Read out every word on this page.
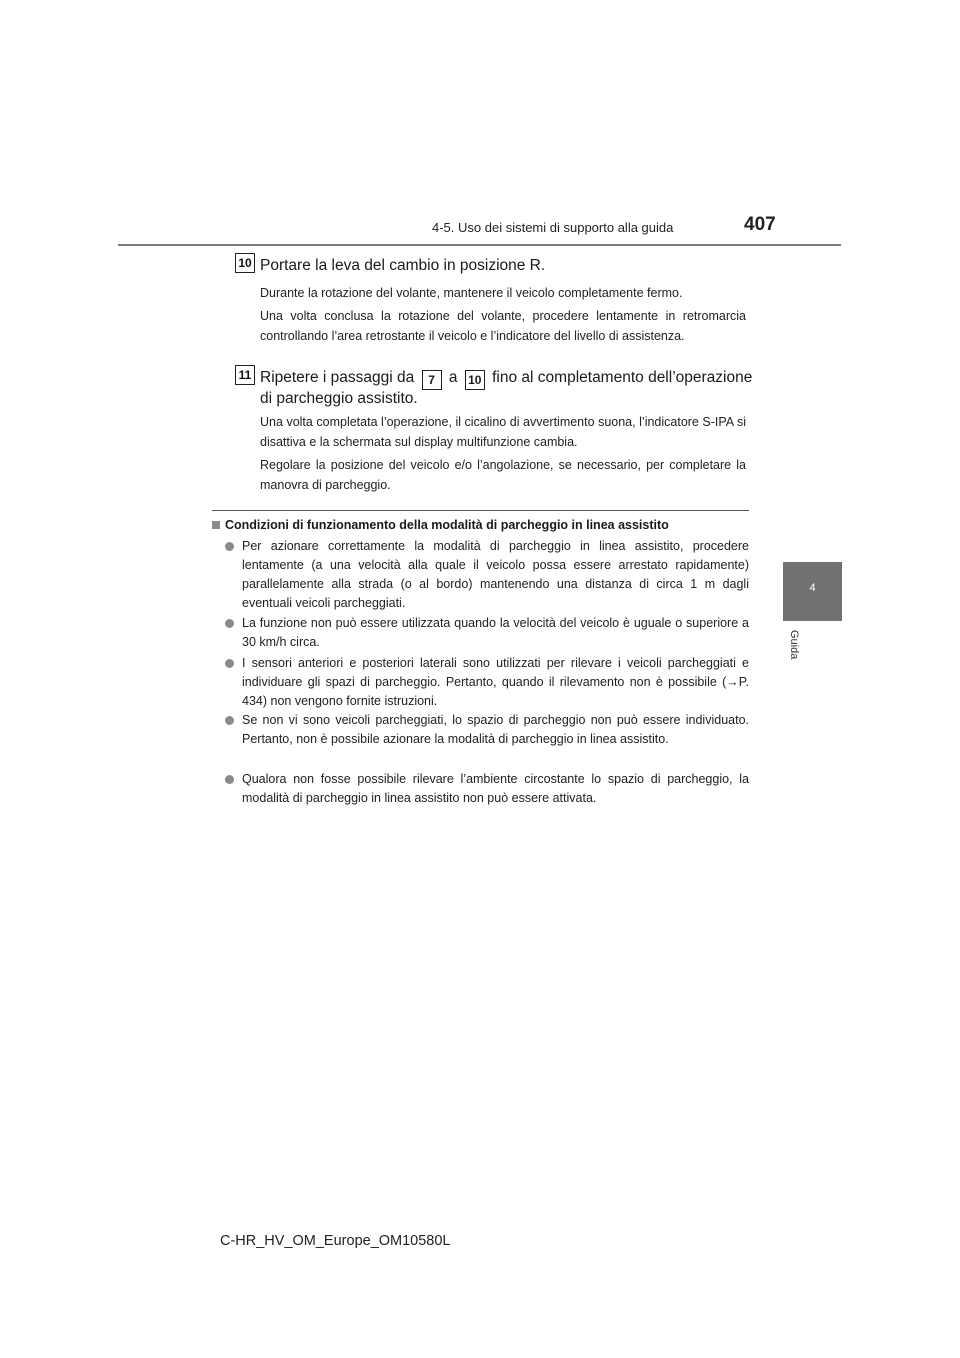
4-5. Uso dei sistemi di supporto alla guida	407
4
Guida
10 Portare la leva del cambio in posizione R.
Durante la rotazione del volante, mantenere il veicolo completamente fermo.
Una volta conclusa la rotazione del volante, procedere lentamente in retromarcia controllando l’area retrostante il veicolo e l’indicatore del livello di assistenza.
11 Ripetere i passaggi da 7 a 10 fino al completamento dell’operazione
di parcheggio assistito.
Una volta completata l’operazione, il cicalino di avvertimento suona, l’indicatore S-IPA si disattiva e la schermata sul display multifunzione cambia.
Regolare la posizione del veicolo e/o l’angolazione, se necessario, per completare la manovra di parcheggio.
Condizioni di funzionamento della modalità di parcheggio in linea assistito
Per azionare correttamente la modalità di parcheggio in linea assistito, procedere lentamente (a una velocità alla quale il veicolo possa essere arrestato rapidamente) parallelamente alla strada (o al bordo) mantenendo una distanza di circa 1 m dagli eventuali veicoli parcheggiati.
La funzione non può essere utilizzata quando la velocità del veicolo è uguale o superiore a 30 km/h circa.
I sensori anteriori e posteriori laterali sono utilizzati per rilevare i veicoli parcheggiati e individuare gli spazi di parcheggio. Pertanto, quando il rilevamento non è possibile (→P. 434) non vengono fornite istruzioni.
Se non vi sono veicoli parcheggiati, lo spazio di parcheggio non può essere individuato. Pertanto, non è possibile azionare la modalità di parcheggio in linea assistito.
Qualora non fosse possibile rilevare l’ambiente circostante lo spazio di parcheggio, la modalità di parcheggio in linea assistito non può essere attivata.
C-HR_HV_OM_Europe_OM10580L
